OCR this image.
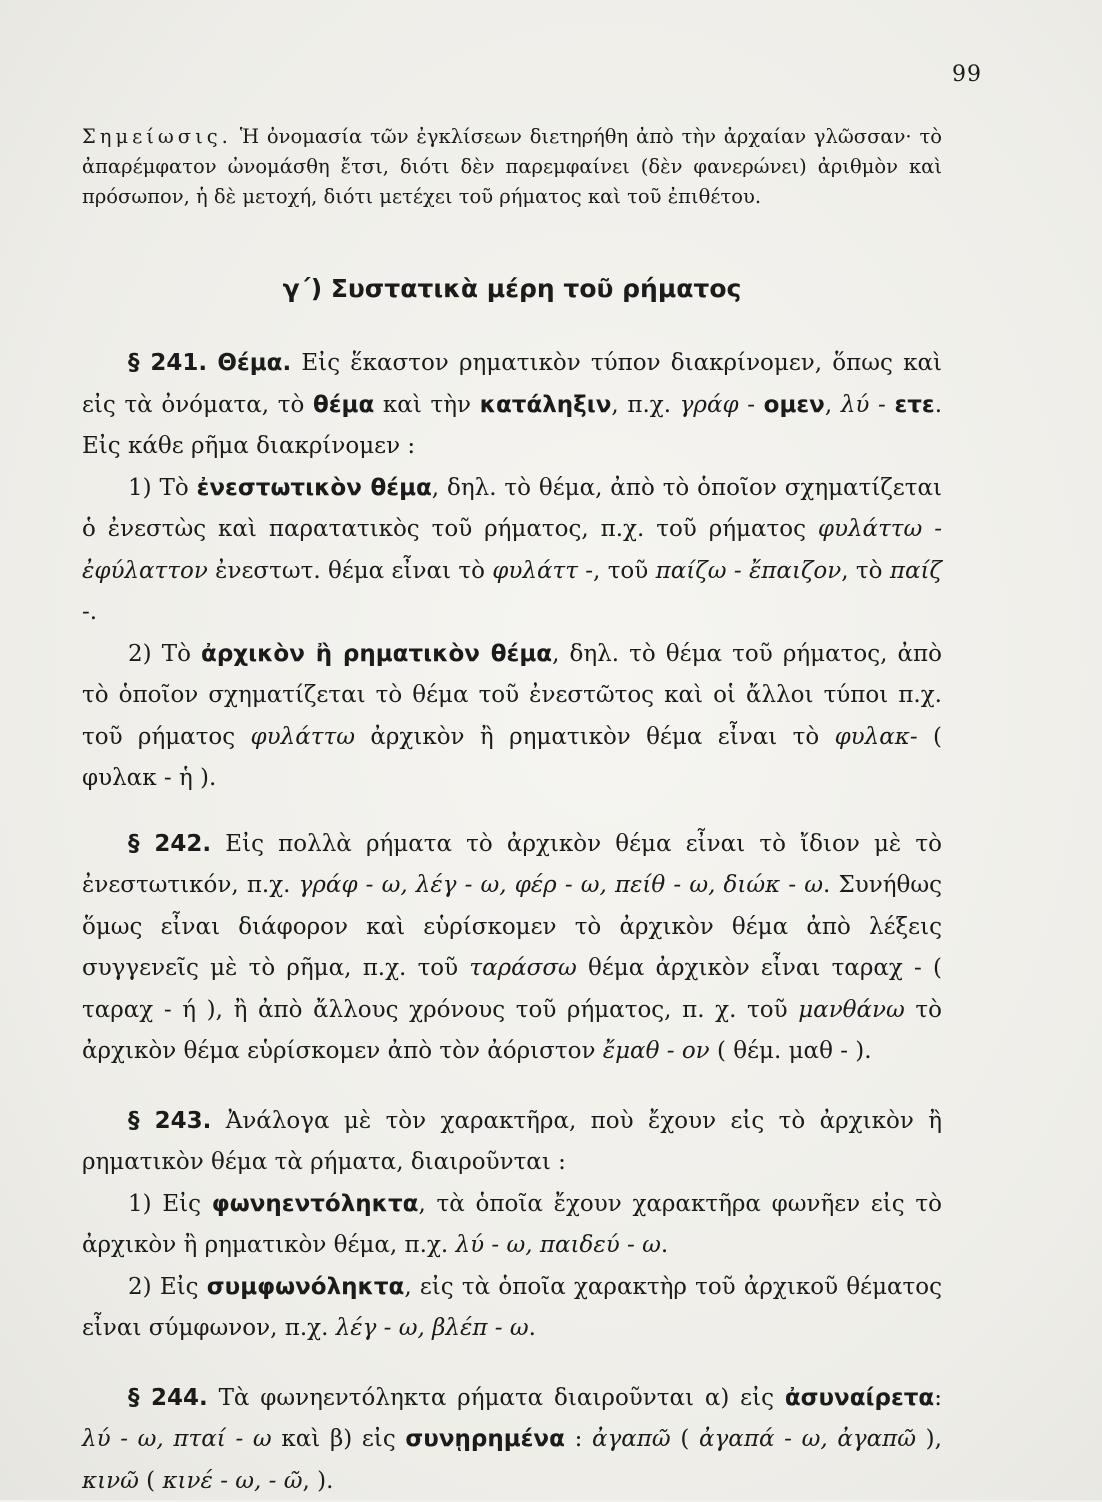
99
Σημείωσις. Ἡ ὀνομασία τῶν ἐγκλίσεων διετηρήθη ἀπὸ τὴν ἀρχαίαν γλῶσσαν· τὸ ἀπαρέμφατον ὠνομάσθη ἔτσι, διότι δὲν παρεμφαίνει (δὲν φανερώνει) ἀριθμὸν καὶ πρόσωπον, ἡ δὲ μετοχή, διότι μετέχει τοῦ ρήματος καὶ τοῦ ἐπιθέτου.
γ΄) Συστατικὰ μέρη τοῦ ρήματος

§ 241. Θέμα. Εἰς ἕκαστον ρηματικὸν τύπον διακρίνομεν, ὅπως καὶ εἰς τὰ ὀνόματα, τὸ θέμα καὶ τὴν κατάληξιν, π.χ. γράφ - ομεν, λύ - ετε. Εἰς κάθε ρῆμα διακρίνομεν :

1) Τὸ ἐνεστωτικὸν θέμα, δηλ. τὸ θέμα, ἀπὸ τὸ ὁποῖον σχηματίζεται ὁ ἐνεστὼς καὶ παρατατικὸς τοῦ ρήματος, π.χ. τοῦ ρήματος φυλάττω - ἐφύλαττον ἐνεστωτ. θέμα εἶναι τὸ φυλάττ -, τοῦ παίζω - ἔπαιζον, τὸ παίζ -.

2) Τὸ ἀρχικὸν ἢ ρηματικὸν θέμα, δηλ. τὸ θέμα τοῦ ρήματος, ἀπὸ τὸ ὁποῖον σχηματίζεται τὸ θέμα τοῦ ἐνεστῶτος καὶ οἱ ἄλλοι τύποι π.χ. τοῦ ρήματος φυλάττω ἀρχικὸν ἢ ρηματικὸν θέμα εἶναι τὸ φυλακ- ( φυλακ - ἡ ).

§ 242. Εἰς πολλὰ ρήματα τὸ ἀρχικὸν θέμα εἶναι τὸ ἴδιον μὲ τὸ ἐνεστωτικόν, π.χ. γράφ - ω, λέγ - ω, φέρ - ω, πείθ - ω, διώκ - ω. Συνήθως ὅμως εἶναι διάφορον καὶ εὑρίσκομεν τὸ ἀρχικὸν θέμα ἀπὸ λέξεις συγγενεῖς μὲ τὸ ρῆμα, π.χ. τοῦ ταράσσω θέμα ἀρχικὸν εἶναι ταραχ - ( ταραχ - ή ), ἢ ἀπὸ ἄλλους χρόνους τοῦ ρήματος, π. χ. τοῦ μανθάνω τὸ ἀρχικὸν θέμα εὑρίσκομεν ἀπὸ τὸν ἀόριστον ἔμαθ - ον ( θέμ. μαθ - ).

§ 243. Ἀνάλογα μὲ τὸν χαρακτῆρα, ποὺ ἔχουν εἰς τὸ ἀρχικὸν ἢ ρηματικὸν θέμα τὰ ρήματα, διαιροῦνται :

1) Εἰς φωνηεντόληκτα, τὰ ὁποῖα ἔχουν χαρακτῆρα φωνῆεν εἰς τὸ ἀρχικὸν ἢ ρηματικὸν θέμα, π.χ. λύ - ω, παιδεύ - ω.

2) Εἰς συμφωνόληκτα, εἰς τὰ ὁποῖα χαρακτὴρ τοῦ ἀρχικοῦ θέματος εἶναι σύμφωνον, π.χ. λέγ - ω, βλέπ - ω.

§ 244. Τὰ φωνηεντόληκτα ρήματα διαιροῦνται α) εἰς ἀσυναίρετα: λύ - ω, πταί - ω καὶ β) εἰς συνῃρημένα : ἀγαπῶ ( ἀγαπά - ω, ἀγαπῶ ), κινῶ ( κινέ - ω, - ῶ, ).
